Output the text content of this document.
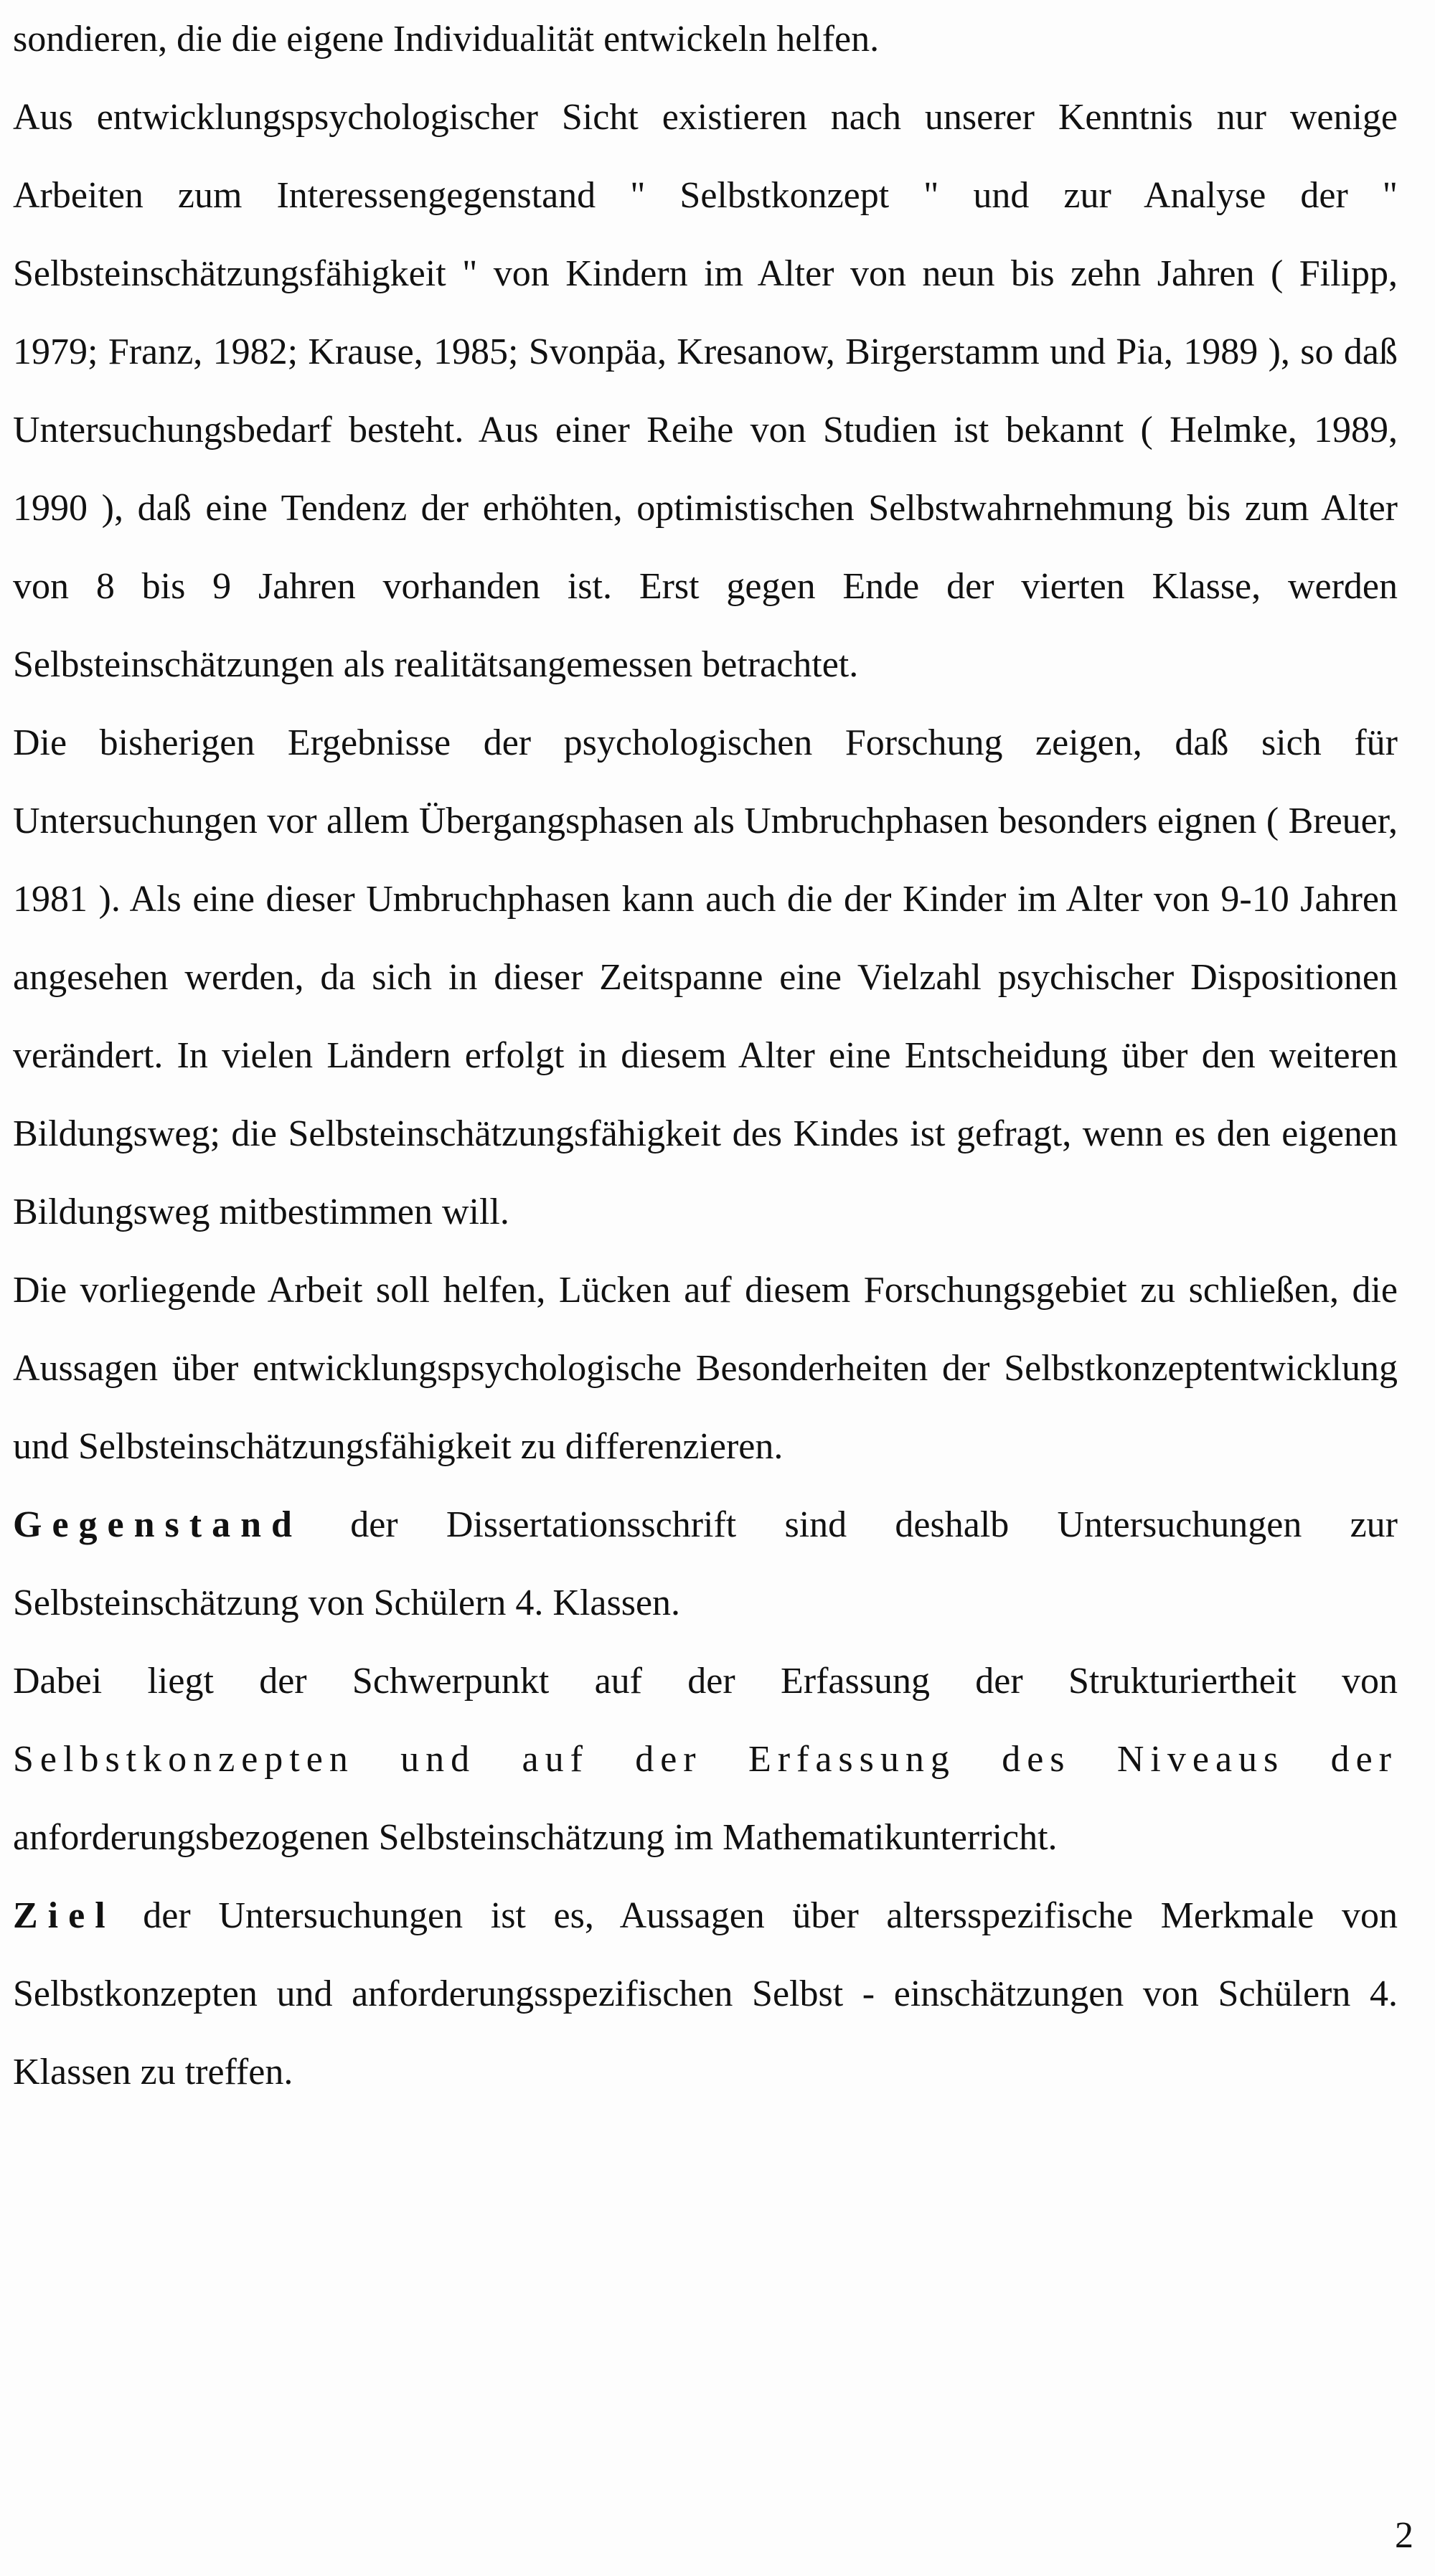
sondieren, die die eigene Individualität entwickeln helfen.

Aus entwicklungspsychologischer Sicht existieren nach unserer Kenntnis nur wenige Arbeiten zum Interessengegenstand " Selbstkonzept " und zur Analyse der " Selbsteinschätzungsfähigkeit " von Kindern im Alter von neun bis zehn Jahren ( Filipp, 1979; Franz, 1982; Krause, 1985; Svonpäa, Kresanow, Birgerstamm und Pia, 1989 ), so daß Untersuchungsbedarf besteht. Aus einer Reihe von Studien ist bekannt ( Helmke, 1989, 1990 ), daß eine Tendenz der erhöhten, optimistischen Selbstwahrnehmung bis zum Alter von 8 bis 9 Jahren vorhanden ist. Erst gegen Ende der vierten Klasse, werden Selbsteinschätzungen als realitätsangemessen betrachtet.

Die bisherigen Ergebnisse der psychologischen Forschung zeigen, daß sich für Untersuchungen vor allem Übergangsphasen als Umbruchphasen besonders eignen ( Breuer, 1981 ). Als eine dieser Umbruchphasen kann auch die der Kinder im Alter von 9-10 Jahren angesehen werden, da sich in dieser Zeitspanne eine Vielzahl psychischer Dispositionen verändert. In vielen Ländern erfolgt in diesem Alter eine Entscheidung über den weiteren Bildungsweg; die Selbsteinschätzungsfähigkeit des Kindes ist gefragt, wenn es den eigenen Bildungsweg mitbestimmen will.

Die vorliegende Arbeit soll helfen, Lücken auf diesem Forschungsgebiet zu schließen, die Aussagen über entwicklungspsychologische Besonderheiten der Selbstkonzeptentwicklung und Selbsteinschätzungsfähigkeit zu differenzieren.

Gegenstand der Dissertationsschrift sind deshalb Untersuchungen zur Selbsteinschätzung von Schülern 4. Klassen.

Dabei liegt der Schwerpunkt auf der Erfassung der Strukturiertheit von Selbstkonzepten und auf der Erfassung des Niveaus der anforderungsbezogenen Selbsteinschätzung im Mathematikunterricht.

Ziel der Untersuchungen ist es, Aussagen über altersspezifische Merkmale von Selbstkonzepten und anforderungsspezifischen Selbst - einschätzungen von Schülern 4. Klassen zu treffen.

2
